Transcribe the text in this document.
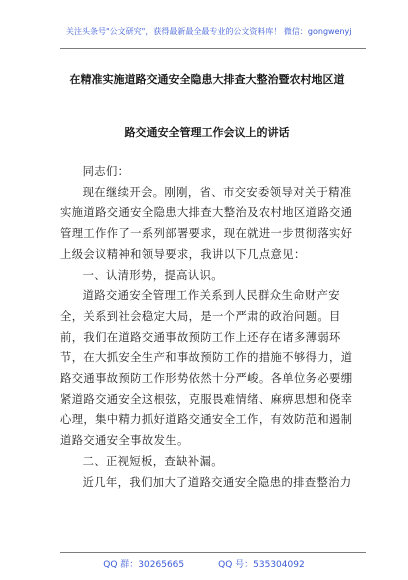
关注头条号"公文研究"，获得最新最全最专业的公文资料库！ 微信：gongwenyj
在精准实施道路交通安全隐患大排查大整治暨农村地区道
路交通安全管理工作会议上的讲话

同志们：

现在继续开会。刚刚，省、市交安委领导对关于精准实施道路交通安全隐患大排查大整治及农村地区道路交通管理工作作了一系列部署要求，现在就进一步贯彻落实好上级会议精神和领导要求，我讲以下几点意见：

一、认清形势，提高认识。

道路交通安全管理工作关系到人民群众生命财产安全，关系到社会稳定大局，是一个严肃的政治问题。目前，我们在道路交通事故预防工作上还存在诸多薄弱环节，在大抓安全生产和事故预防工作的措施不够得力，道路交通事故预防工作形势依然十分严峻。各单位务必要绷紧道路交通安全这根弦，克服畏难情绪、麻痹思想和侥幸心理，集中精力抓好道路交通安全工作，有效防范和遏制道路交通安全事故发生。

二、正视短板，查缺补漏。

近几年，我们加大了道路交通安全隐患的排查整治力

QQ 群：30265665	QQ 号：535304092
